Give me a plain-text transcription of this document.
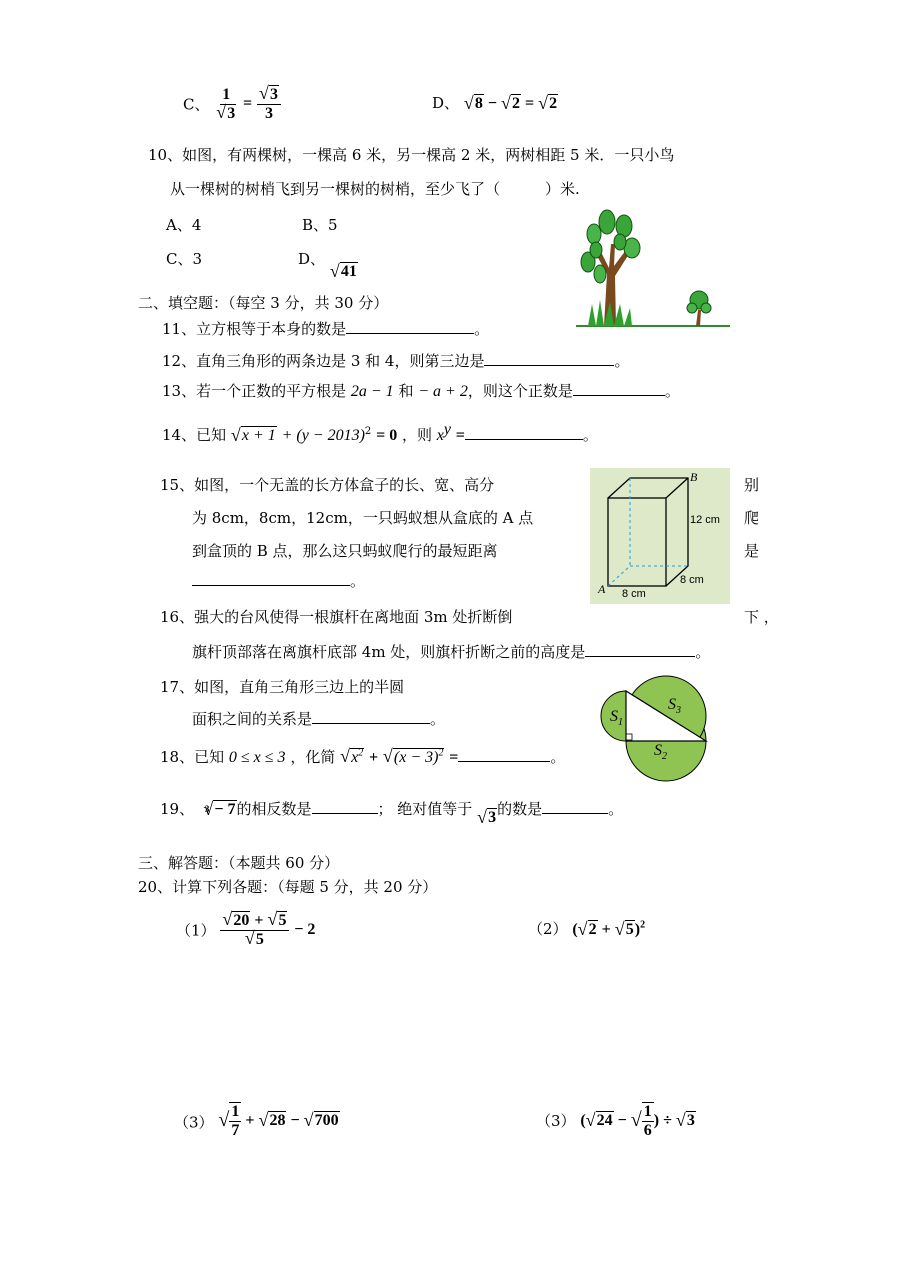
C、 1
√ 3 = √ $\frac{3}{3}$	D、 √ 8 − √ 2 = √ 2
10、如图，有两棵树，一棵高 6 米，另一棵高 2 米，两树相距 5 米．一只小鸟
从一棵树的树梢飞到另一棵树的树梢，至少飞了（　　　）米.
A、4	B、5
C、3	D、 √ 41
二、填空题：（每空 3 分，共 30 分）
11、立方根等于本身的数是	。
12、直角三角形的两条边是 3 和 4，则第三边是	。
13、若一个正数的平方根是 2a − 1 和 − a + 2，则这个正数是	。
14、已知 √ $x + 1 + (y - 2013)^2 = 0$ ，则 $x^y$ =	。
15、如图，一个无盖的长方体盒子的长、宽、高分	别
为 8cm，8cm，12cm，一只蚂蚁想从盒底的 A 点	爬
到盒顶的 B 点，那么这只蚂蚁爬行的最短距离	是
。
B
A
12 cm
8 cm
8 cm
16、强大的台风使得一根旗杆在离地面 3m 处折断倒	下 ，
旗杆顶部落在离旗杆底部 4m 处，则旗杆折断之前的高度是	。
17、如图，直角三角形三边上的半圆
面积之间的关系是	。	$S_1$
$S_3$
$S_2$
18、已知 0 ≤ x ≤ 3 ，化简 √ $x^2$ + √ $(x - 3)^2$ =	。
19、 $^3$ √ − 7的相反数是	； 绝对值等于 √ 3的数是	。
三、解答题：（本题共 60 分）
20、计算下列各题：（每题 5 分，共 20 分）
（1） √ 20 + √ 5
√ 5 − 2	（2） ( √ 2 + √ 5)$^2$
（3） √ $\frac{1}{7}$
+
√ 28
−
√ 700	（3） ( √ 24
−
√ $\frac{1}{6}$ )
÷
√ 3
